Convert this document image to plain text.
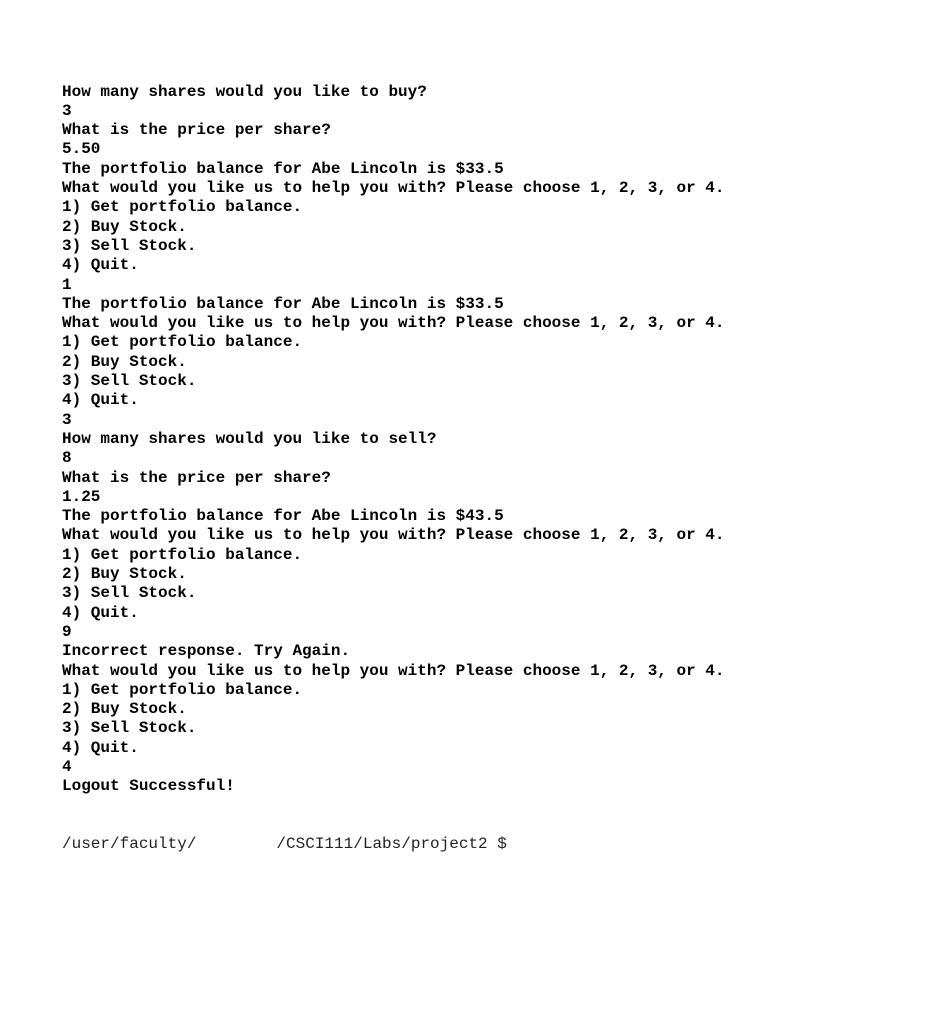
How many shares would you like to buy?
3
What is the price per share?
5.50
The portfolio balance for Abe Lincoln is $33.5
What would you like us to help you with? Please choose 1, 2, 3, or 4.
1) Get portfolio balance.
2) Buy Stock.
3) Sell Stock.
4) Quit.
1
The portfolio balance for Abe Lincoln is $33.5
What would you like us to help you with? Please choose 1, 2, 3, or 4.
1) Get portfolio balance.
2) Buy Stock.
3) Sell Stock.
4) Quit.
3
How many shares would you like to sell?
8
What is the price per share?
1.25
The portfolio balance for Abe Lincoln is $43.5
What would you like us to help you with? Please choose 1, 2, 3, or 4.
1) Get portfolio balance.
2) Buy Stock.
3) Sell Stock.
4) Quit.
9
Incorrect response. Try Again.
What would you like us to help you with? Please choose 1, 2, 3, or 4.
1) Get portfolio balance.
2) Buy Stock.
3) Sell Stock.
4) Quit.
4
Logout Successful!

/user/faculty/	/CSCI111/Labs/project2 $
